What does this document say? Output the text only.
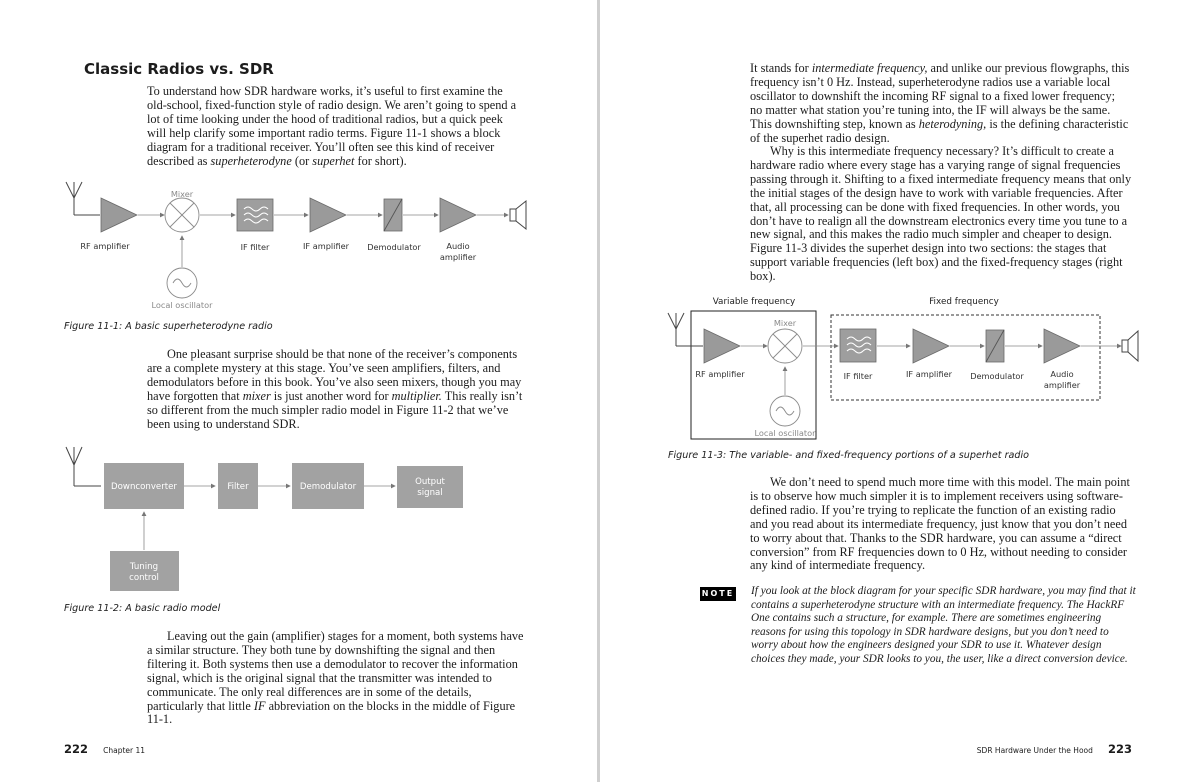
Classic Radios vs. SDR

To understand how SDR hardware works, it’s useful to first examine the old-school, fixed-function style of radio design. We aren’t going to spend a lot of time looking under the hood of traditional radios, but a quick peek will help clarify some important radio terms. Figure 11-1 shows a block diagram for a traditional receiver. You’ll often see this kind of receiver described as superheterodyne (or superhet for short).

Mixer
RF amplifier	IF filter	IF amplifier Demodulator	Audio
amplifier
Local oscillator

Figure 11-1: A basic superheterodyne radio

One pleasant surprise should be that none of the receiver’s components are a complete mystery at this stage. You’ve seen amplifiers, filters, and demodulators before in this book. You’ve also seen mixers, though you may have forgotten that mixer is just another word for multiplier. This really isn’t so different from the much simpler radio model in Figure 11-2 that we’ve been using to understand SDR.

Downconverter	Filter	Demodulator	Output
signal
Tuning
control

Figure 11-2: A basic radio model

Leaving out the gain (amplifier) stages for a moment, both systems have a similar structure. They both tune by downshifting the signal and then filtering it. Both systems then use a demodulator to recover the information signal, which is the original signal that the transmitter was intended to communicate. The only real differences are in some of the details, particularly that little IF abbreviation on the blocks in the middle of Figure 11-1.

222 Chapter 11

It stands for intermediate frequency, and unlike our previous flowgraphs, this frequency isn’t 0 Hz. Instead, superheterodyne radios use a variable local oscillator to downshift the incoming RF signal to a fixed lower frequency; no matter what station you’re tuning into, the IF will always be the same. This downshifting step, known as heterodyning, is the defining characteristic of the superhet radio design.

Why is this intermediate frequency necessary? It’s difficult to create a hardware radio where every stage has a varying range of signal frequencies passing through it. Shifting to a fixed intermediate frequency means that only the initial stages of the design have to work with variable frequencies. After that, all processing can be done with fixed frequencies. In other words, you don’t have to realign all the downstream electronics every time you tune to a new signal, and this makes the radio much simpler and cheaper to design. Figure 11-3 divides the superhet design into two sections: the stages that support variable frequencies (left box) and the fixed-frequency stages (right box).

Variable frequency	Fixed frequency
Mixer
RF amplifier	IF filter	IF amplifier Demodulator	Audio
amplifier
Local oscillator

Figure 11-3: The variable- and fixed-frequency portions of a superhet radio

We don’t need to spend much more time with this model. The main point is to observe how much simpler it is to implement receivers using software-defined radio. If you’re trying to replicate the function of an existing radio and you read about its intermediate frequency, just know that you don’t need to worry about that. Thanks to the SDR hardware, you can assume a “direct conversion” from RF frequencies down to 0 Hz, without needing to consider any kind of intermediate frequency.

NOTE If you look at the block diagram for your specific SDR hardware, you may find that it contains a superheterodyne structure with an intermediate frequency. The HackRF One contains such a structure, for example. There are sometimes engineering reasons for using this topology in SDR hardware designs, but you don’t need to worry about how the engineers designed your SDR to use it. Whatever design choices they made, your SDR looks to you, the user, like a direct conversion device.

SDR Hardware Under the Hood 223
